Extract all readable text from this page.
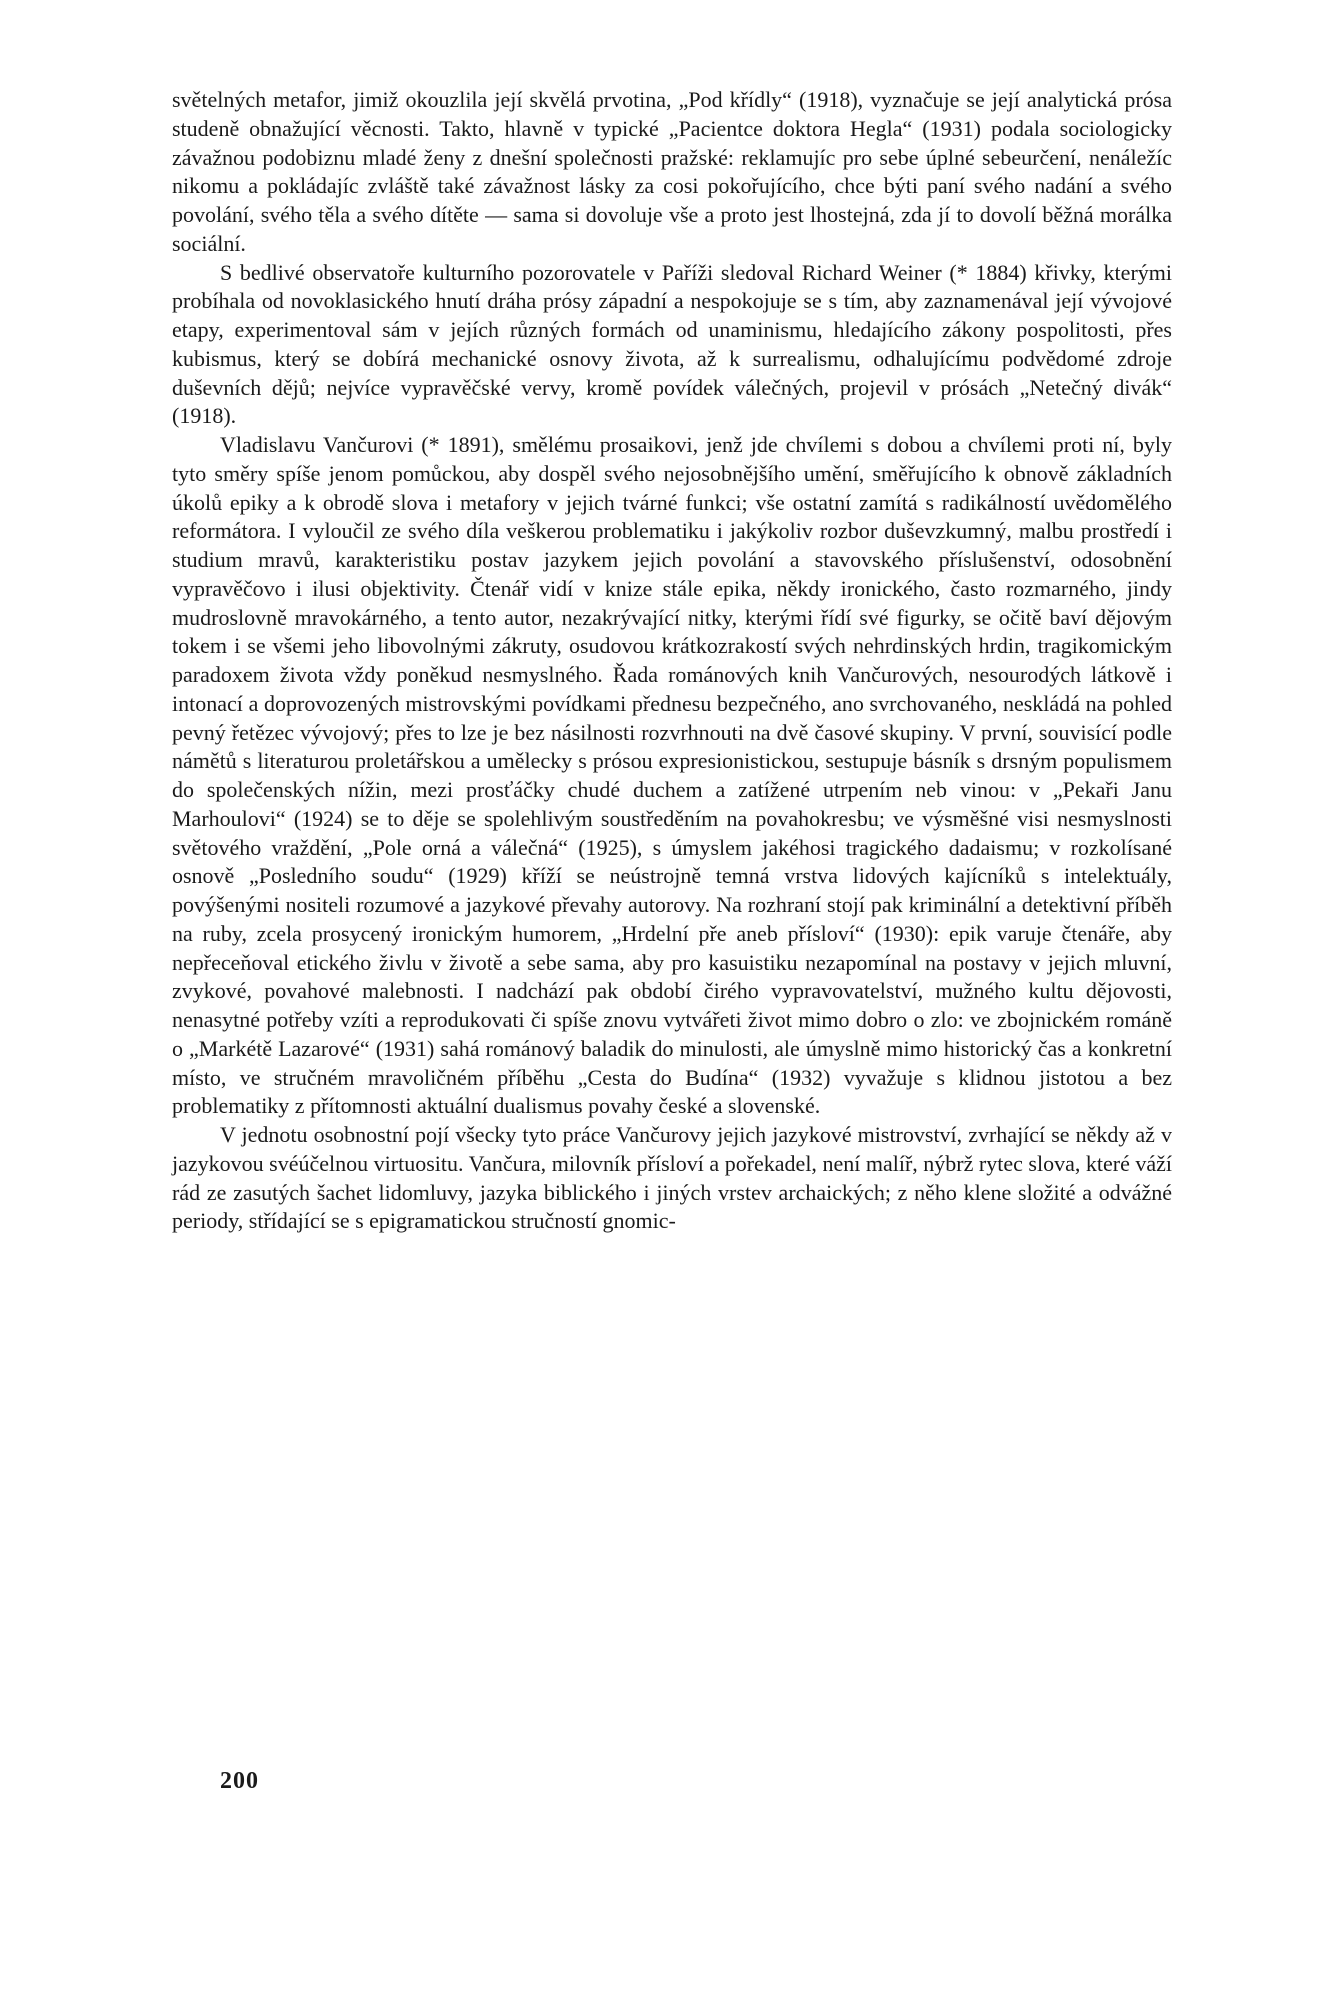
světelných metafor, jimiž okouzlila její skvělá prvotina, „Pod křídly“ (1918), vyznačuje se její analytická prósa studeně obnažující věcnosti. Takto, hlavně v typické „Pacientce doktora Hegla“ (1931) podala sociologicky závažnou podobiznu mladé ženy z dnešní společnosti pražské: reklamujíc pro sebe úplné sebeurčení, nenáležíc nikomu a pokládajíc zvláště také závažnost lásky za cosi pokořujícího, chce býti paní svého nadání a svého povolání, svého těla a svého dítěte — sama si dovoluje vše a proto jest lhostejná, zda jí to dovolí běžná morálka sociální.

S bedlivé observatoře kulturního pozorovatele v Paříži sledoval Richard Weiner (* 1884) křivky, kterými probíhala od novoklasického hnutí dráha prósy západní a nespokojuje se s tím, aby zaznamenával její vývojové etapy, experimentoval sám v jejích různých formách od unaminismu, hledajícího zákony pospolitosti, přes kubismus, který se dobírá mechanické osnovy života, až k surrealismu, odhalujícímu podvědomé zdroje duševních dějů; nejvíce vypravěčské vervy, kromě povídek válečných, projevil v prósách „Netečný divák“ (1918).

Vladislavu Vančurovi (* 1891), smělému prosaikovi, jenž jde chvílemi s dobou a chvílemi proti ní, byly tyto směry spíše jenom pomůckou, aby dospěl svého nejosobnějšího umění, směřujícího k obnově základních úkolů epiky a k obrodě slova i metafory v jejich tvárné funkci; vše ostatní zamítá s radikálností uvědomělého reformátora. I vyloučil ze svého díla veškerou problematiku i jakýkoliv rozbor duševzkumný, malbu prostředí i studium mravů, karakteristiku postav jazykem jejich povolání a stavovského příslušenství, odosobnění vypravěčovo i ilusi objektivity. Čtenář vidí v knize stále epika, někdy ironického, často rozmarného, jindy mudroslovně mravokárného, a tento autor, nezakrývající nitky, kterými řídí své figurky, se očitě baví dějovým tokem i se všemi jeho libovolnými zákruty, osudovou krátkozrakostí svých nehrdinských hrdin, tragikomickým paradoxem života vždy poněkud nesmyslného. Řada románových knih Vančurových, nesourodých látkově i intonací a doprovozených mistrovskými povídkami přednesu bezpečného, ano svrchovaného, neskládá na pohled pevný řetězec vývojový; přes to lze je bez násilnosti rozvrhnouti na dvě časové skupiny. V první, souvisící podle námětů s literaturou proletářskou a umělecky s prósou expresionistickou, sestupuje básník s drsným populismem do společenských nížin, mezi prosťáčky chudé duchem a zatížené utrpením neb vinou: v „Pekaři Janu Marhoulovi“ (1924) se to děje se spolehlivým soustředěním na povahokresbu; ve výsměšné visi nesmyslnosti světového vraždění, „Pole orná a válečná“ (1925), s úmyslem jakéhosi tragického dadaismu; v rozkolísané osnově „Posledního soudu“ (1929) kříží se neústrojně temná vrstva lidových kajícníků s intelektuály, povýšenými nositeli rozumové a jazykové převahy autorovy. Na rozhraní stojí pak kriminální a detektivní příběh na ruby, zcela prosycený ironickým humorem, „Hrdelní pře aneb přísloví“ (1930): epik varuje čtenáře, aby nepřeceňoval etického živlu v životě a sebe sama, aby pro kasuistiku nezapomínal na postavy v jejich mluvní, zvykové, povahové malebnosti. I nadchází pak období čirého vypravovatelství, mužného kultu dějovosti, nenasytné potřeby vzíti a reprodukovati či spíše znovu vytvářeti život mimo dobro o zlo: ve zbojnickém románě o „Markétě Lazarové“ (1931) sahá románový baladik do minulosti, ale úmyslně mimo historický čas a konkretní místo, ve stručném mravoličném příběhu „Cesta do Budína“ (1932) vyvažuje s klidnou jistotou a bez problematiky z přítomnosti aktuální dualismus povahy české a slovenské.

V jednotu osobnostní pojí všecky tyto práce Vančurovy jejich jazykové mistrovství, zvrhající se někdy až v jazykovou svéúčelnou virtuositu. Vančura, milovník přísloví a pořekadel, není malíř, nýbrž rytec slova, které váží rád ze zasutých šachet lidomluvy, jazyka biblického i jiných vrstev archaických; z něho klene složité a odvážné periody, střídající se s epigramatickou stručností gnomic-

200
